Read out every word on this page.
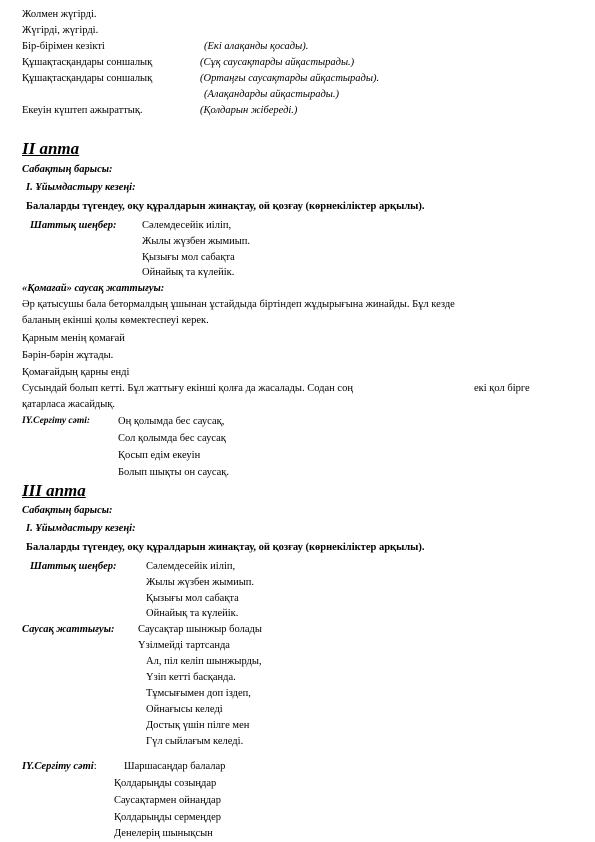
Жолмен жүгірді.
Жүгірді, жүгірді.
Бір-бірімен кезікті	(Екі алақанды қосады).
Құшақтасқандары соншалық	(Сұқ саусақтарды айқастырады.)
Құшақтасқандары соншалық	(Ортаңғы саусақтарды айқастырады).
(Алақандарды айқастырады.)
Екеуін күштеп ажыраттық.	(Қолдарын жібереді.)
ІІ апта
Сабақтың барысы:
І. Ұйымдастыру кезеңі:
Балаларды түгендеу, оқу құралдарын жинақтау, ой қозғау (көрнекіліктер арқылы).
Шаттық шеңбер: Сәлемдесейік иіліп,
Жылы жүзбен жымиып.
Қызығы мол сабақта
Ойнайық та күлейік.
«Қомағай» саусақ жаттығуы:
Әр қатысушы бала бетормалдың ұшынан ұстайдыда біртіндеп жұдырығына жинайды. Бұл кезде
баланың екінші қолы көмектеспеуі керек.
Қарным менің қомағай
Бәрін-бәрін жұтады.
Қомағайдың қарны енді
Сусындай болып кетті. Бұл жаттығу екінші қолға да жасалады. Содан соң	екі қол бірге
қатарласа жасайдық.
IY.Сергіту сәті:	Оң қолымда бес саусақ,
Сол қолымда бес саусақ
Қосып едім екеуін
Болып шықты он саусақ.
ІІІ апта
Сабақтың барысы:
І. Ұйымдастыру кезеңі:
Балаларды түгендеу, оқу құралдарын жинақтау, ой қозғау (көрнекіліктер арқылы).
Шаттық шеңбер:	Сәлемдесейік иіліп,
Жылы жүзбен жымиып.
Қызығы мол сабақта
Ойнайық та күлейік.
Саусақ жаттығуы: Саусақтар шынжыр болады
Үзілмейді тартсанда
Ал, піл келіп шынжырды,
Үзіп кетті басқанда.
Тұмсығымен доп іздеп,
Ойнағысы келеді
Достық үшін пілге мен
Гүл сыйлағым келеді.
IY.Сергіту сәті:	Шаршасаңдар балалар
Қолдарыңды созыңдар
Саусақтармен ойнаңдар
Қолдарыңды сермеңдер
Денелерің шынықсын
